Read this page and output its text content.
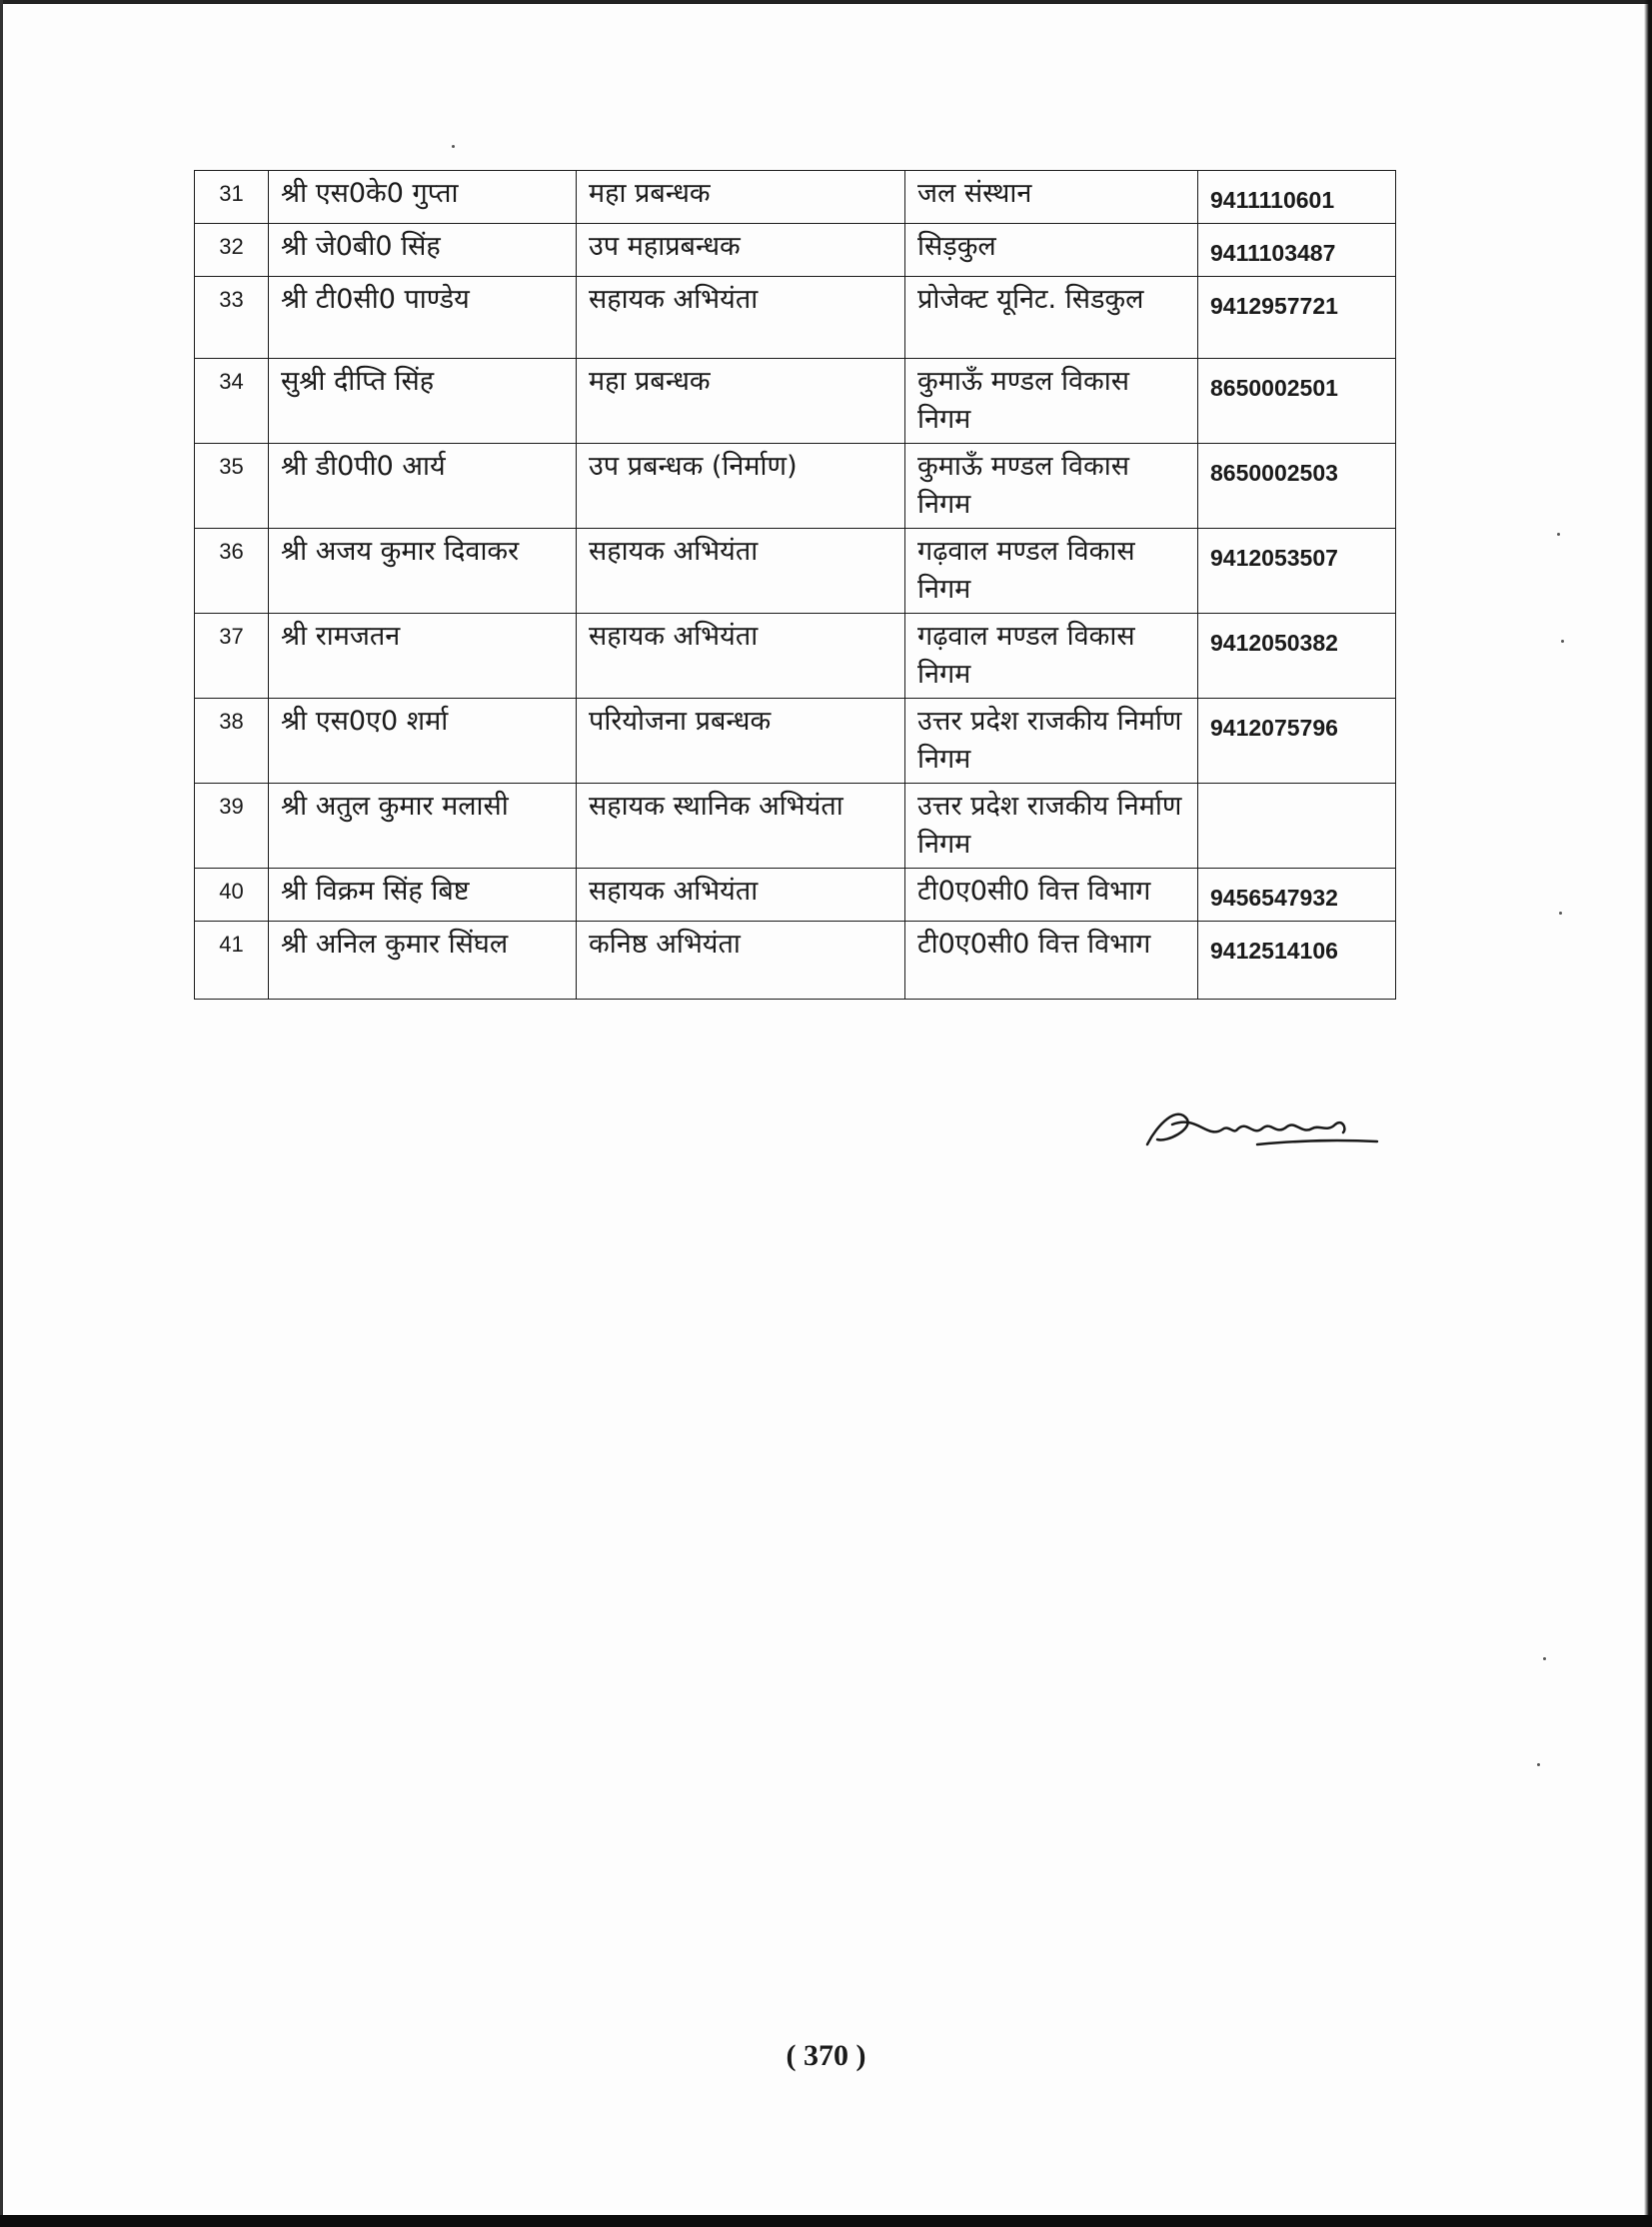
31	श्री एस0के0 गुप्ता	महा प्रबन्धक	जल संस्थान	9411110601
32	श्री जे0बी0 सिंह	उप महाप्रबन्धक	सिड़कुल	9411103487
33	श्री टी0सी0 पाण्डेय	सहायक अभियंता	प्रोजेक्ट यूनिट. सिडकुल	9412957721
34	सुश्री दीप्ति सिंह	महा प्रबन्धक	कुमाऊँ मण्डल विकास निगम	8650002501
35	श्री डी0पी0 आर्य	उप प्रबन्धक (निर्माण)	कुमाऊँ मण्डल विकास निगम	8650002503
36	श्री अजय कुमार दिवाकर	सहायक अभियंता	गढ़वाल मण्डल विकास निगम	9412053507
37	श्री रामजतन	सहायक अभियंता	गढ़वाल मण्डल विकास निगम	9412050382
38	श्री एस0ए0 शर्मा	परियोजना प्रबन्धक	उत्तर प्रदेश राजकीय निर्माण निगम	9412075796
39	श्री अतुल कुमार मलासी	सहायक स्थानिक अभियंता	उत्तर प्रदेश राजकीय निर्माण निगम	
40	श्री विक्रम सिंह बिष्ट	सहायक अभियंता	टी0ए0सी0 वित्त विभाग	9456547932
41	श्री अनिल कुमार सिंघल	कनिष्ठ अभियंता	टी0ए0सी0 वित्त विभाग	9412514106
( 370 )
